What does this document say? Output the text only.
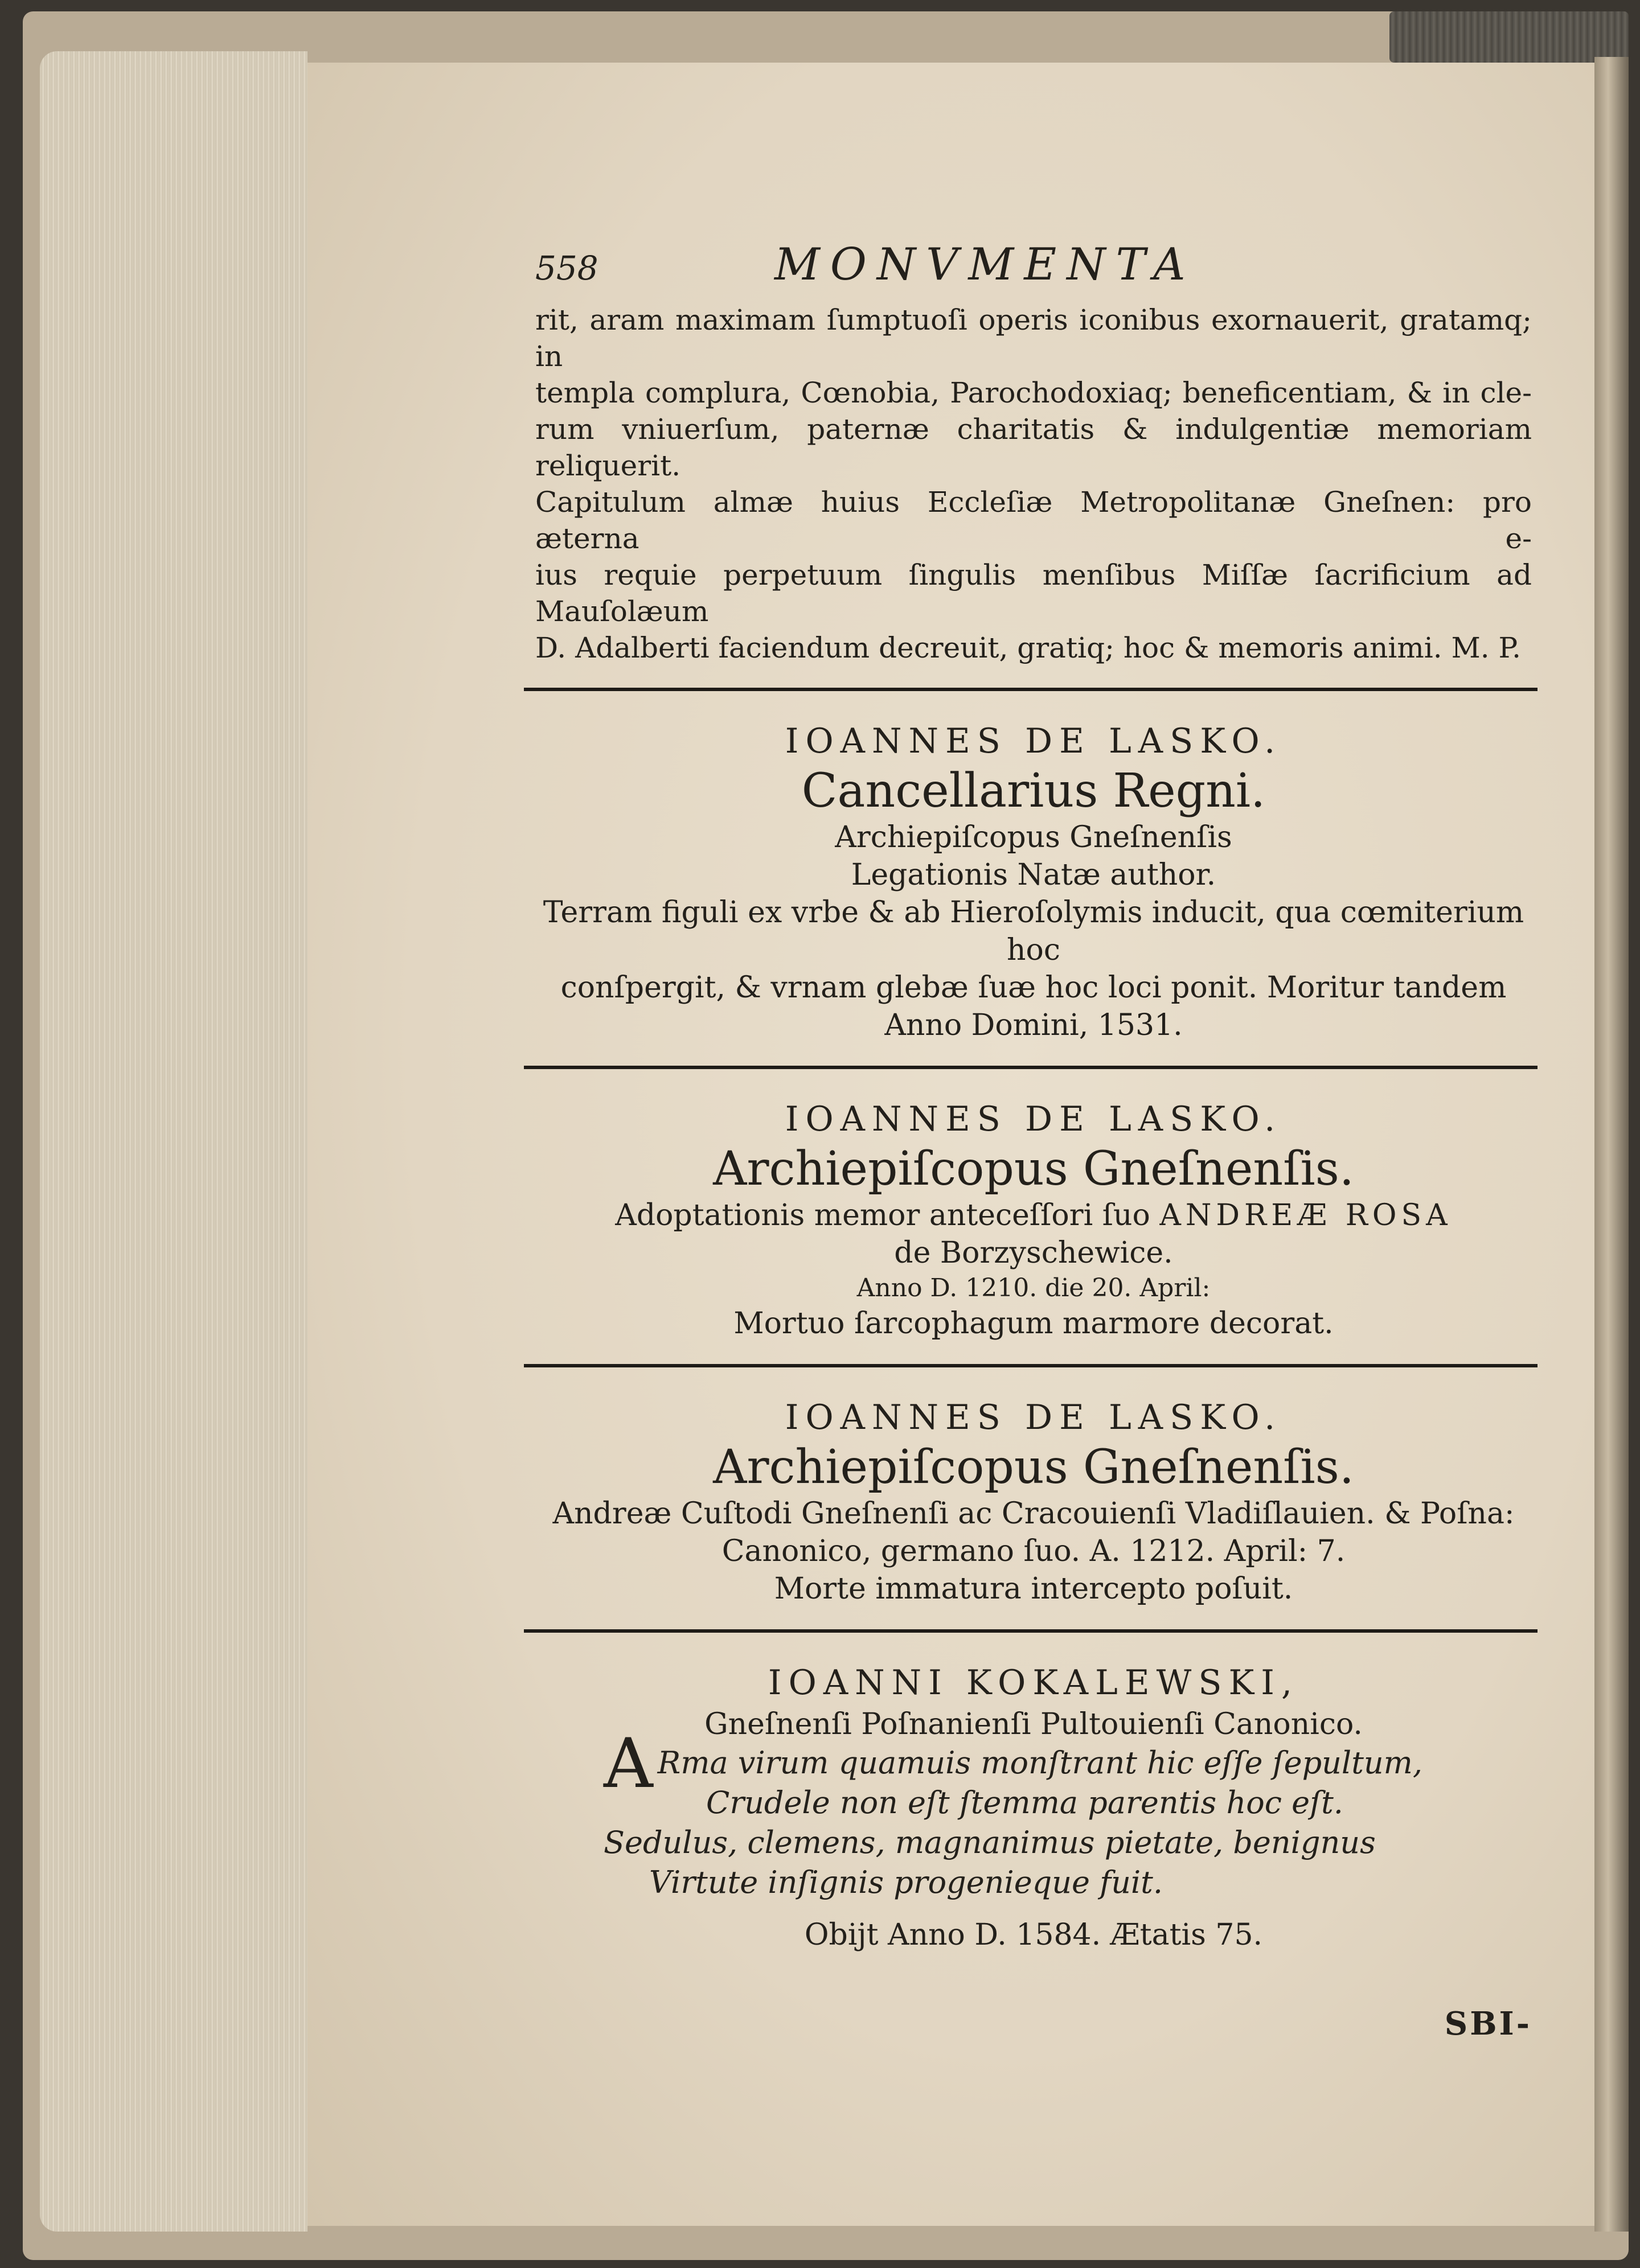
558	MONVMENTA

rit, aram maximam ſumptuoſi operis iconibus exornauerit, gratamq; in
templa complura, Cœnobia, Parochodoxiaq; beneficentiam, & in cle-
rum vniuerſum, paternæ charitatis & indulgentiæ memoriam reliquerit.
Capitulum almæ huius Eccleſiæ Metropolitanæ Gneſnen: pro æterna e-
ius requie perpetuum ſingulis menſibus Miſſæ ſacrificium ad Mauſolæum
D. Adalberti faciendum decreuit, gratiq; hoc & memoris animi. M. P.

IOANNES DE LASKO.
Cancellarius Regni.
Archiepiſcopus Gneſnenſis
Legationis Natæ author.
Terram figuli ex vrbe & ab Hieroſolymis inducit, qua cœmiterium hoc
conſpergit, & vrnam glebæ ſuæ hoc loci ponit. Moritur tandem
Anno Domini, 1531.
IOANNES DE LASKO.
Archiepiſcopus Gneſnenſis.
Adoptationis memor anteceſſori ſuo ANDREÆ ROSA
de Borzyschewice.
Anno D. 1210. die 20. April:
Mortuo ſarcophagum marmore decorat.
IOANNES DE LASKO.
Archiepiſcopus Gneſnenſis.
Andreæ Cuſtodi Gneſnenſi ac Cracouienſi Vladiſlauien. & Poſna:
Canonico, germano ſuo. A. 1212. April: 7.
Morte immatura intercepto poſuit.
IOANNI KOKALEWSKI,
Gneſnenſi Poſnanienſi Pultouienſi Canonico.
A Rma virum quamuis monſtrant hic eſſe ſepultum,
Crudele non eſt ſtemma parentis hoc eſt.
Sedulus, clemens, magnanimus pietate, benignus
Virtute inſignis progenieque fuit.
Obijt Anno D. 1584. Ætatis 75.
SBI-
